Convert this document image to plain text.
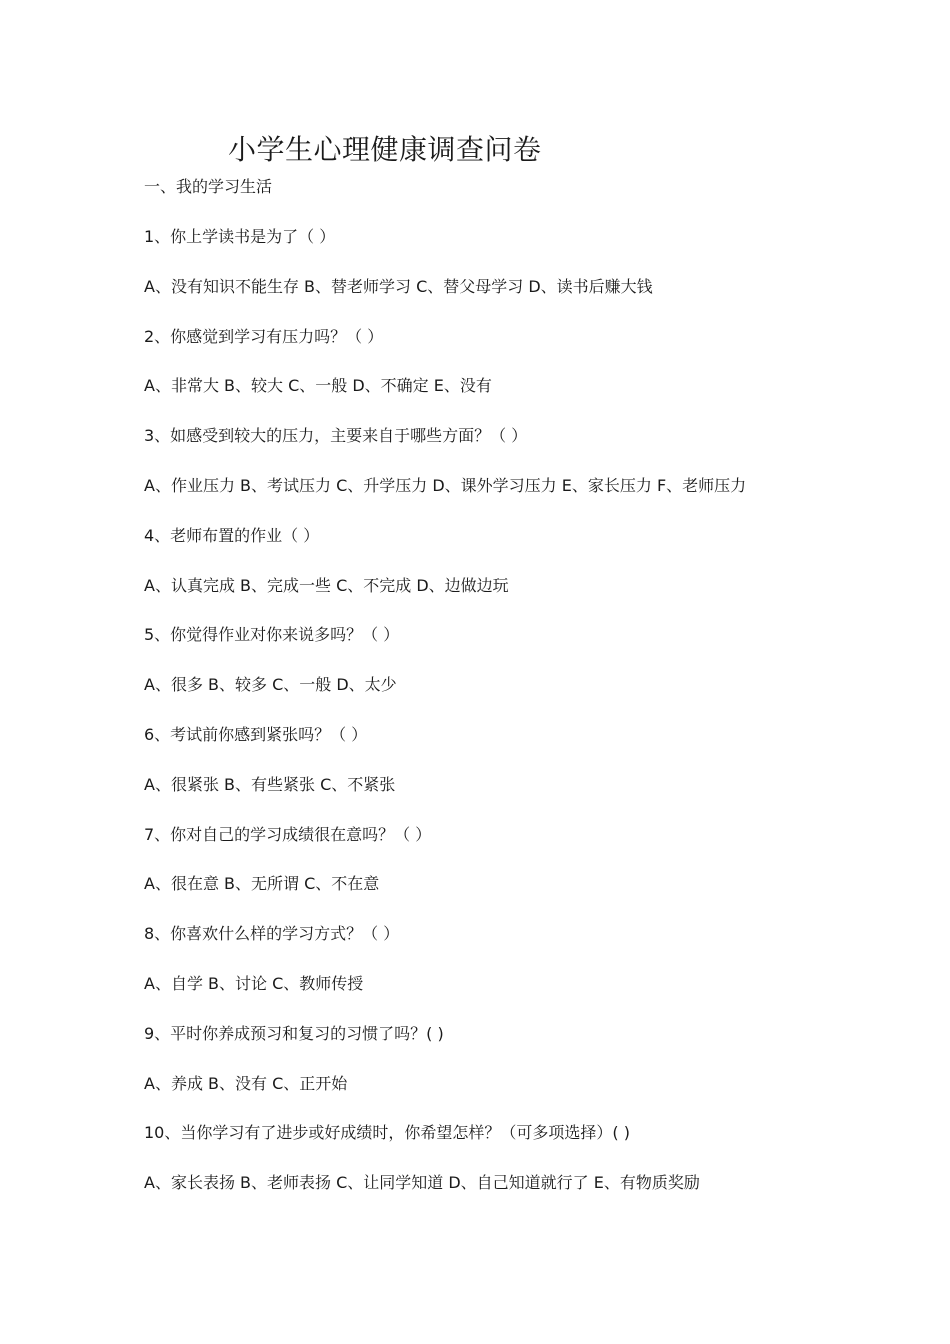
小学生心理健康调查问卷
一、我的学习生活
1、你上学读书是为了（ ）
A、没有知识不能生存 B、替老师学习 C、替父母学习 D、读书后赚大钱
2、你感觉到学习有压力吗？（ ）
A、非常大 B、较大 C、一般 D、不确定 E、没有
3、如感受到较大的压力，主要来自于哪些方面？（ ）
A、作业压力 B、考试压力 C、升学压力 D、课外学习压力 E、家长压力 F、老师压力
4、老师布置的作业（ ）
A、认真完成 B、完成一些 C、不完成 D、边做边玩
5、你觉得作业对你来说多吗？（ ）
A、很多 B、较多 C、一般 D、太少
6、考试前你感到紧张吗？（ ）
A、很紧张 B、有些紧张 C、不紧张
7、你对自己的学习成绩很在意吗？（ ）
A、很在意 B、无所谓 C、不在意
8、你喜欢什么样的学习方式？（ ）
A、自学 B、讨论 C、教师传授
9、平时你养成预习和复习的习惯了吗？( )
A、养成 B、没有 C、正开始
10、当你学习有了进步或好成绩时，你希望怎样？（可多项选择）( )
A、家长表扬 B、老师表扬 C、让同学知道 D、自己知道就行了 E、有物质奖励
